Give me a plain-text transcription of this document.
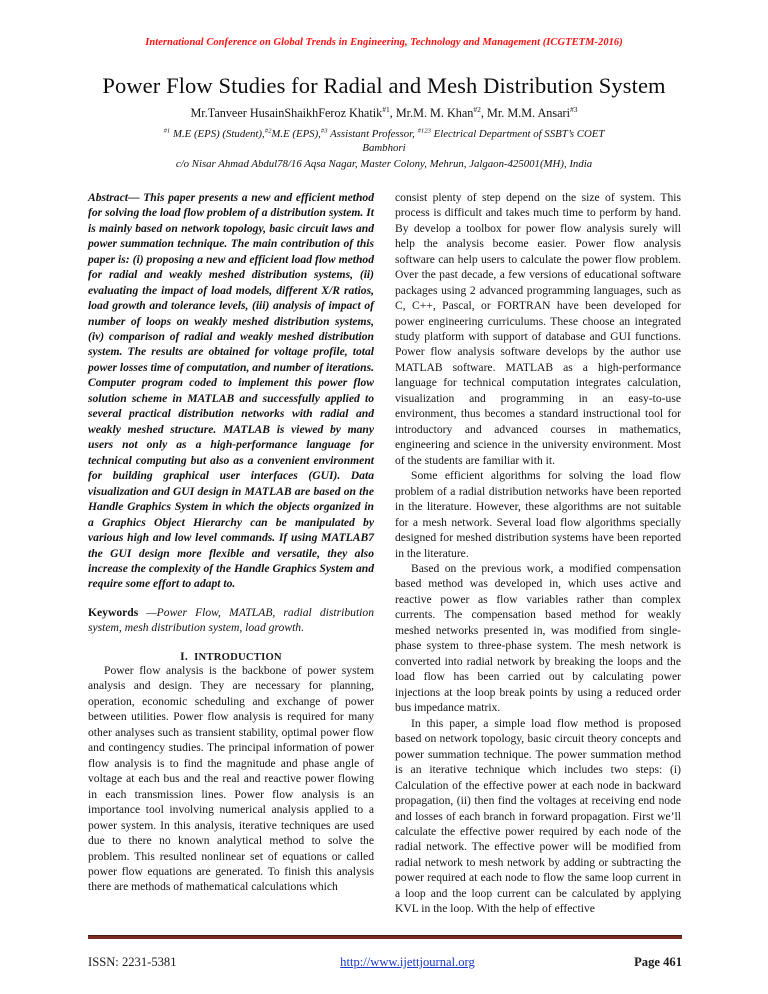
International Conference on Global Trends in Engineering, Technology and Management (ICGTETM-2016)
Power Flow Studies for Radial and Mesh Distribution System
Mr.Tanveer HusainShaikhFeroz Khatik$^{\#1}$, Mr.M. M. Khan$^{\#2}$, Mr. M.M. Ansari$^{\#3}$
$^{\#1}$ M.E (EPS) (Student),$^{\#2}$M.E (EPS),$^{\#3}$ Assistant Professor, $^{\#123}$ Electrical Department of SSBT’s COET
Bambhori
c/o Nisar Ahmad Abdul78/16 Aqsa Nagar, Master Colony, Mehrun, Jalgaon-425001(MH), India

Abstract— This paper presents a new and efficient method for solving the load flow problem of a distribution system. It is mainly based on network topology, basic circuit laws and power summation technique. The main contribution of this paper is: (i) proposing a new and efficient load flow method for radial and weakly meshed distribution systems, (ii) evaluating the impact of load models, different X/R ratios, load growth and tolerance levels, (iii) analysis of impact of number of loops on weakly meshed distribution systems, (iv) comparison of radial and weakly meshed distribution system. The results are obtained for voltage profile, total power losses time of computation, and number of iterations. Computer program coded to implement this power flow solution scheme in MATLAB and successfully applied to several practical distribution networks with radial and weakly meshed structure. MATLAB is viewed by many users not only as a high-performance language for technical computing but also as a convenient environment for building graphical user interfaces (GUI). Data visualization and GUI design in MATLAB are based on the Handle Graphics System in which the objects organized in a Graphics Object Hierarchy can be manipulated by various high and low level commands. If using MATLAB7 the GUI design more flexible and versatile, they also increase the complexity of the Handle Graphics System and require some effort to adapt to.

Keywords —Power Flow, MATLAB, radial distribution system, mesh distribution system, load growth.

I. INTRODUCTION

Power flow analysis is the backbone of power system analysis and design. They are necessary for planning, operation, economic scheduling and exchange of power between utilities. Power flow analysis is required for many other analyses such as transient stability, optimal power flow and contingency studies. The principal information of power flow analysis is to find the magnitude and phase angle of voltage at each bus and the real and reactive power flowing in each transmission lines. Power flow analysis is an importance tool involving numerical analysis applied to a power system. In this analysis, iterative techniques are used due to there no known analytical method to solve the problem. This resulted nonlinear set of equations or called power flow equations are generated. To finish this analysis there are methods of mathematical calculations which

consist plenty of step depend on the size of system. This process is difficult and takes much time to perform by hand. By develop a toolbox for power flow analysis surely will help the analysis become easier. Power flow analysis software can help users to calculate the power flow problem. Over the past decade, a few versions of educational software packages using 2 advanced programming languages, such as C, C++, Pascal, or FORTRAN have been developed for power engineering curriculums. These choose an integrated study platform with support of database and GUI functions. Power flow analysis software develops by the author use MATLAB software. MATLAB as a high-performance language for technical computation integrates calculation, visualization and programming in an easy-to-use environment, thus becomes a standard instructional tool for introductory and advanced courses in mathematics, engineering and science in the university environment. Most of the students are familiar with it.

Some efficient algorithms for solving the load flow problem of a radial distribution networks have been reported in the literature. However, these algorithms are not suitable for a mesh network. Several load flow algorithms specially designed for meshed distribution systems have been reported in the literature.

Based on the previous work, a modified compensation based method was developed in, which uses active and reactive power as flow variables rather than complex currents. The compensation based method for weakly meshed networks presented in, was modified from single-phase system to three-phase system. The mesh network is converted into radial network by breaking the loops and the load flow has been carried out by calculating power injections at the loop break points by using a reduced order bus impedance matrix.

In this paper, a simple load flow method is proposed based on network topology, basic circuit theory concepts and power summation technique. The power summation method is an iterative technique which includes two steps: (i) Calculation of the effective power at each node in backward propagation, (ii) then find the voltages at receiving end node and losses of each branch in forward propagation. First we’ll calculate the effective power required by each node of the radial network. The effective power will be modified from radial network to mesh network by adding or subtracting the power required at each node to flow the same loop current in a loop and the loop current can be calculated by applying KVL in the loop. With the help of effective

ISSN: 2231-5381	http://www.ijettjournal.org	Page 461
